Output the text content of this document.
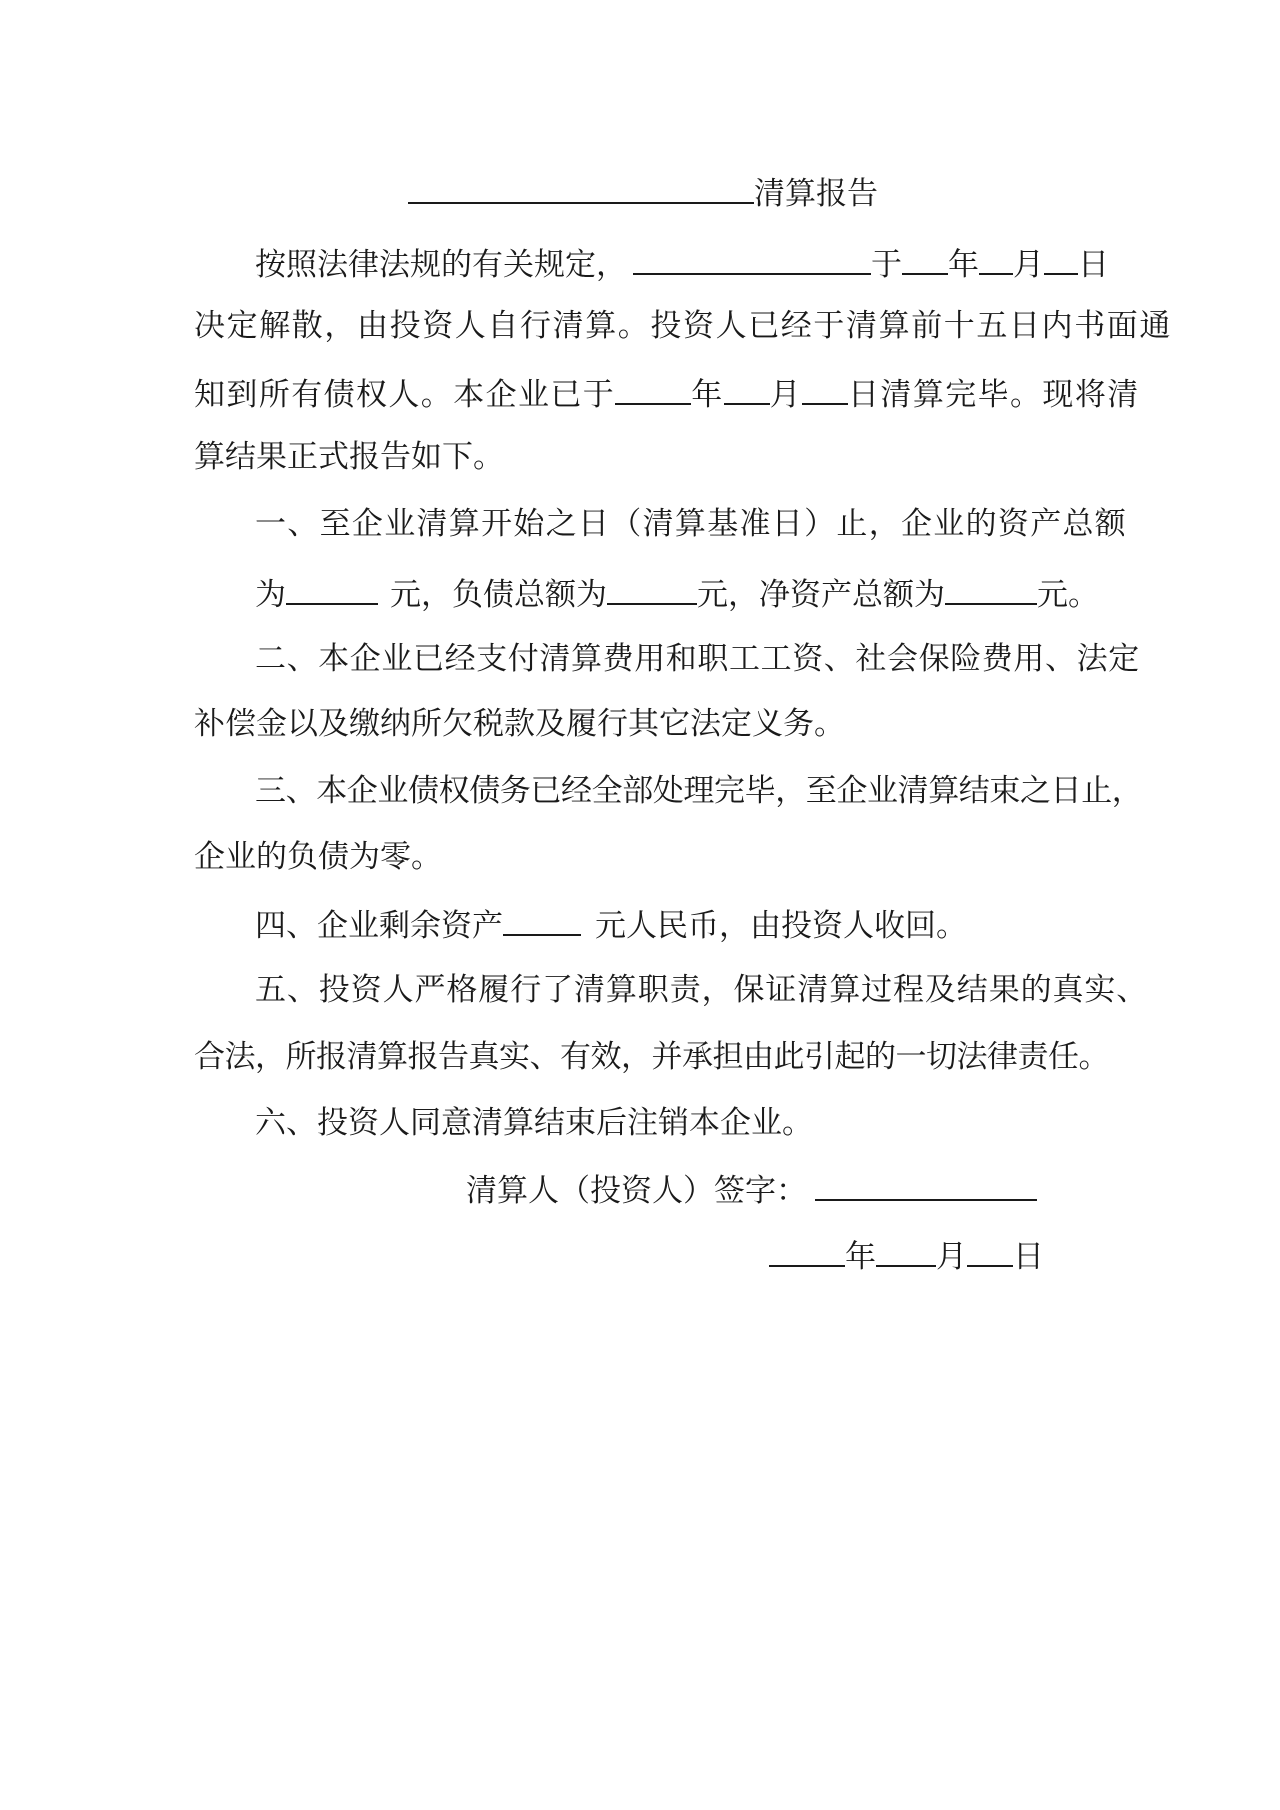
清算报告
按照法律法规的有关规定，	于 年 月 日
决定解散，由投资人自行清算。投资人已经于清算前十五日内书面通
知到所有债权人。本企业已于 年 月 日清算完毕。现将清
算结果正式报告如下。
一、至企业清算开始之日（清算基准日）止，企业的资产总额
为	元，负债总额为	元，净资产总额为	元。
二、本企业已经支付清算费用和职工工资、社会保险费用、法定
补偿金以及缴纳所欠税款及履行其它法定义务。
三、本企业债权债务已经全部处理完毕，至企业清算结束之日止，
企业的负债为零。
四、企业剩余资产	元人民币，由投资人收回。
五、投资人严格履行了清算职责，保证清算过程及结果的真实、
合法，所报清算报告真实、有效，并承担由此引起的一切法律责任。
六、投资人同意清算结束后注销本企业。
清算人（投资人）签字：
年 月 日
